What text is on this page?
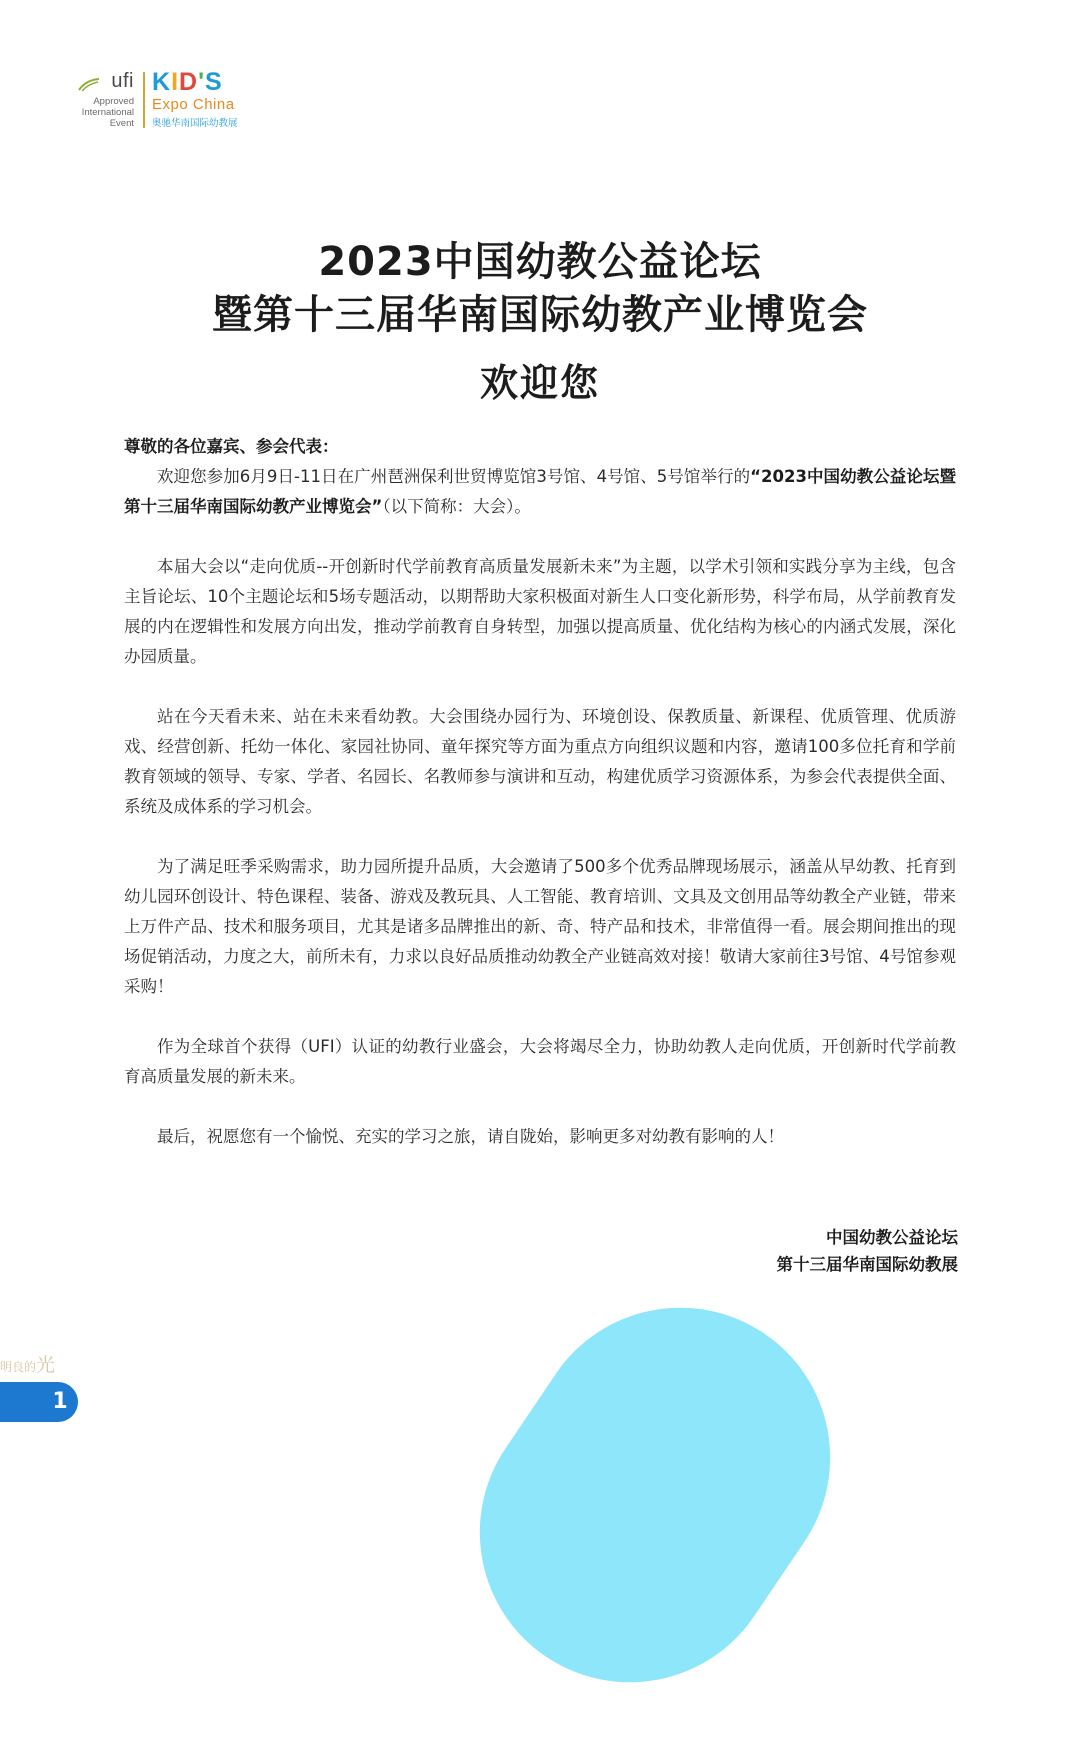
ufi
Approved
International
Event
KID'S
Expo China
奥驰华南国际幼教展
2023中国幼教公益论坛
暨第十三届华南国际幼教产业博览会
欢迎您

尊敬的各位嘉宾、参会代表：

欢迎您参加6月9日-11日在广州琶洲保利世贸博览馆3号馆、4号馆、5号馆举行的“2023中国幼教公益论坛暨第十三届华南国际幼教产业博览会”（以下简称：大会）。

本届大会以“走向优质--开创新时代学前教育高质量发展新未来”为主题，以学术引领和实践分享为主线，包含主旨论坛、10个主题论坛和5场专题活动，以期帮助大家积极面对新生人口变化新形势，科学布局，从学前教育发展的内在逻辑性和发展方向出发，推动学前教育自身转型，加强以提高质量、优化结构为核心的内涵式发展，深化办园质量。

站在今天看未来、站在未来看幼教。大会围绕办园行为、环境创设、保教质量、新课程、优质管理、优质游戏、经营创新、托幼一体化、家园社协同、童年探究等方面为重点方向组织议题和内容，邀请100多位托育和学前教育领域的领导、专家、学者、名园长、名教师参与演讲和互动，构建优质学习资源体系，为参会代表提供全面、系统及成体系的学习机会。

为了满足旺季采购需求，助力园所提升品质，大会邀请了500多个优秀品牌现场展示，涵盖从早幼教、托育到幼儿园环创设计、特色课程、装备、游戏及教玩具、人工智能、教育培训、文具及文创用品等幼教全产业链，带来上万件产品、技术和服务项目，尤其是诸多品牌推出的新、奇、特产品和技术，非常值得一看。展会期间推出的现场促销活动，力度之大，前所未有，力求以良好品质推动幼教全产业链高效对接！敬请大家前往3号馆、4号馆参观采购！

作为全球首个获得（UFI）认证的幼教行业盛会，大会将竭尽全力，协助幼教人走向优质，开创新时代学前教育高质量发展的新未来。

最后，祝愿您有一个愉悦、充实的学习之旅，请自陇始，影响更多对幼教有影响的人！

中国幼教公益论坛
第十三届华南国际幼教展
明良的光
1
